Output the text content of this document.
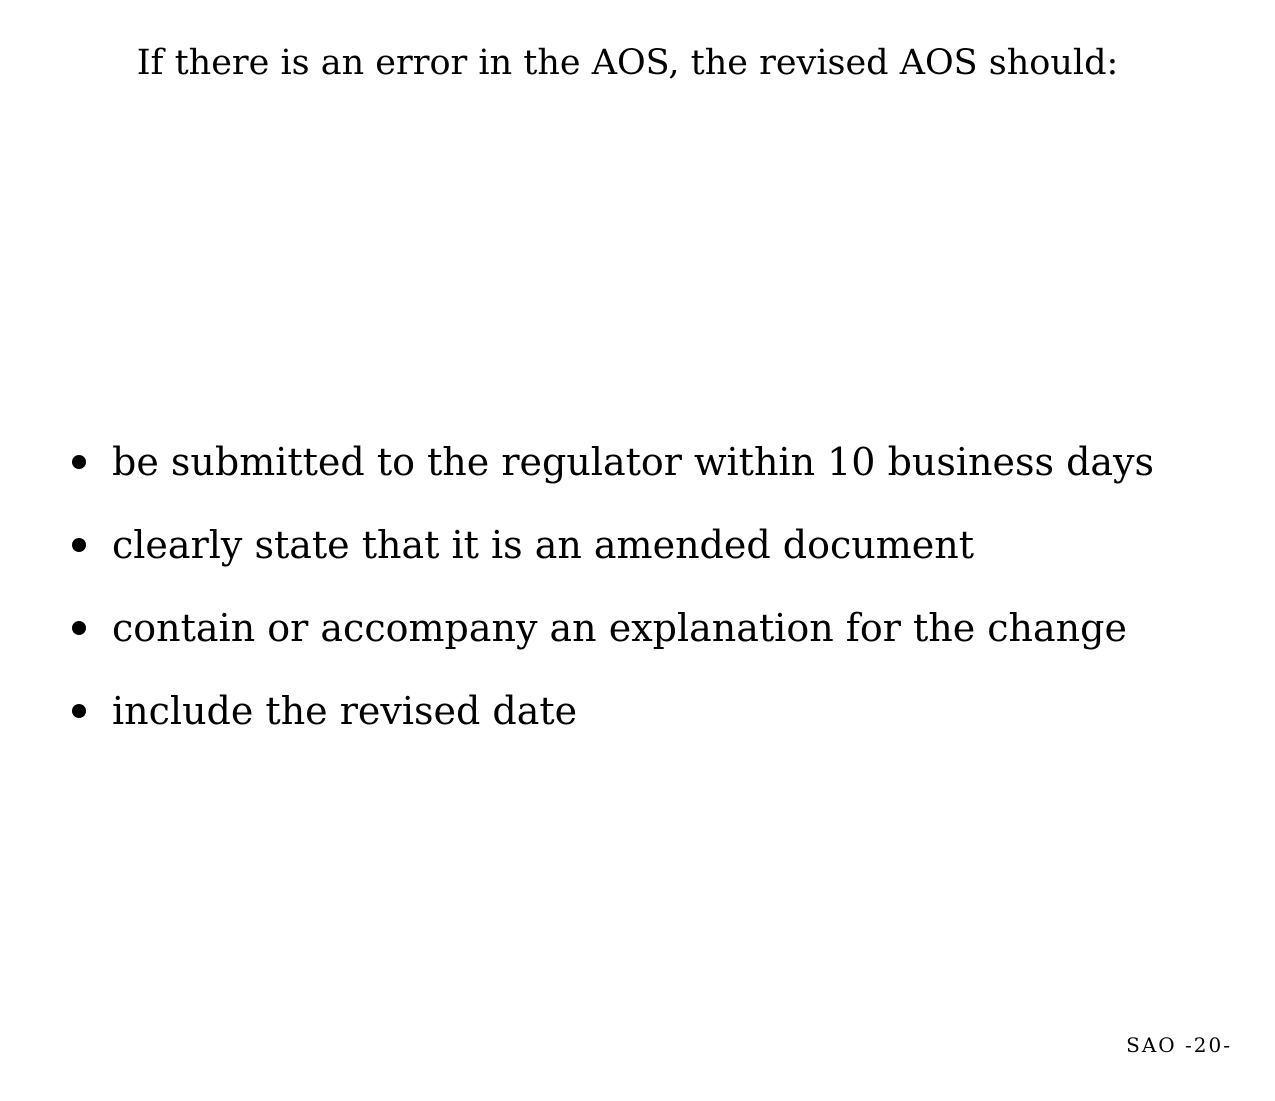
If there is an error in the AOS, the revised AOS should:
be submitted to the regulator within 10 business days
clearly state that it is an amended document
contain or accompany an explanation for the change
include the revised date
SAO -20-
